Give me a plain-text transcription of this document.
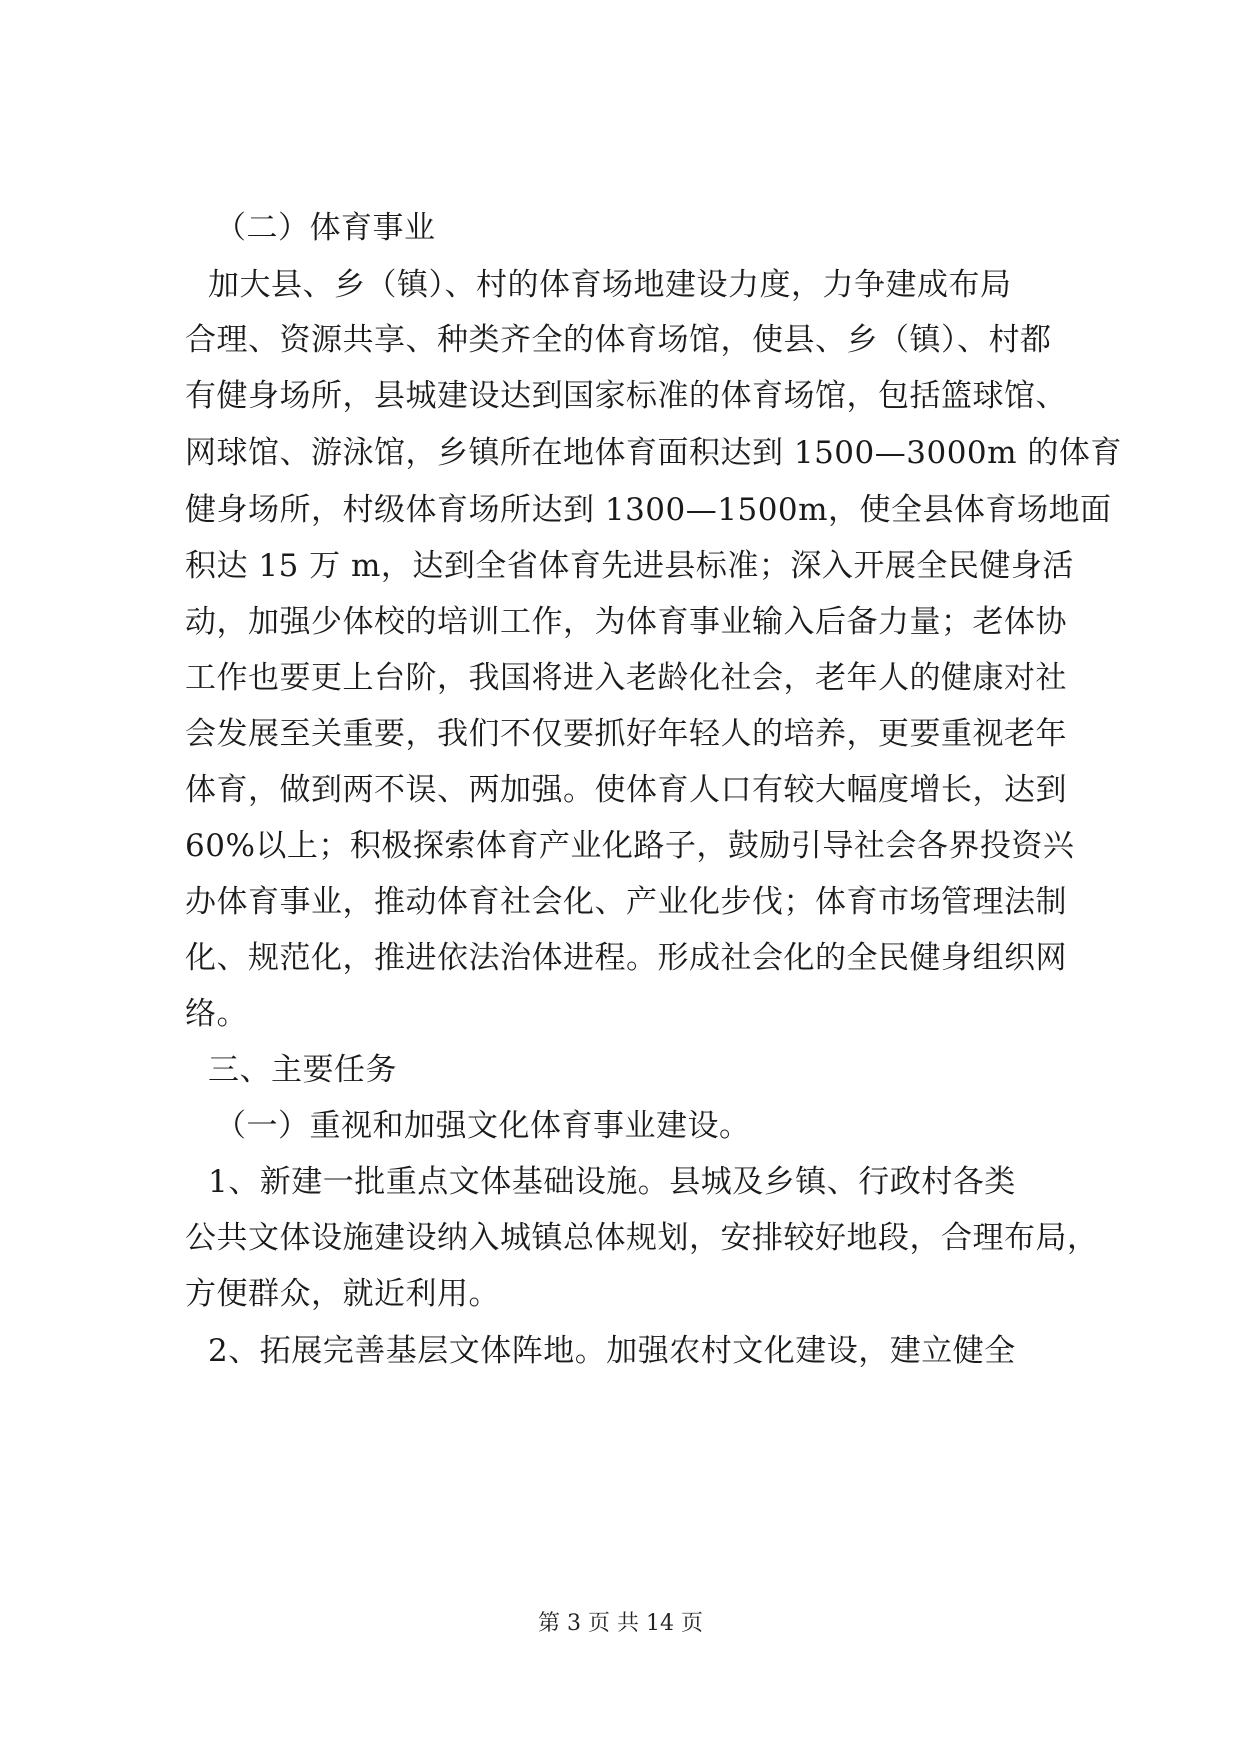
（二）体育事业
加大县、乡（镇）、村的体育场地建设力度，力争建成布局
合理、资源共享、种类齐全的体育场馆，使县、乡（镇）、村都
有健身场所，县城建设达到国家标准的体育场馆，包括篮球馆、
网球馆、游泳馆，乡镇所在地体育面积达到 1500—3000m 的体育
健身场所，村级体育场所达到 1300—1500m，使全县体育场地面
积达 15 万 m，达到全省体育先进县标准；深入开展全民健身活
动，加强少体校的培训工作，为体育事业输入后备力量；老体协
工作也要更上台阶，我国将进入老龄化社会，老年人的健康对社
会发展至关重要，我们不仅要抓好年轻人的培养，更要重视老年
体育，做到两不误、两加强。使体育人口有较大幅度增长，达到
60%以上；积极探索体育产业化路子，鼓励引导社会各界投资兴
办体育事业，推动体育社会化、产业化步伐；体育市场管理法制
化、规范化，推进依法治体进程。形成社会化的全民健身组织网
络。
三、主要任务
（一）重视和加强文化体育事业建设。
1、新建一批重点文体基础设施。县城及乡镇、行政村各类
公共文体设施建设纳入城镇总体规划，安排较好地段，合理布局，
方便群众，就近利用。
2、拓展完善基层文体阵地。加强农村文化建设，建立健全
第 3 页 共 14 页
